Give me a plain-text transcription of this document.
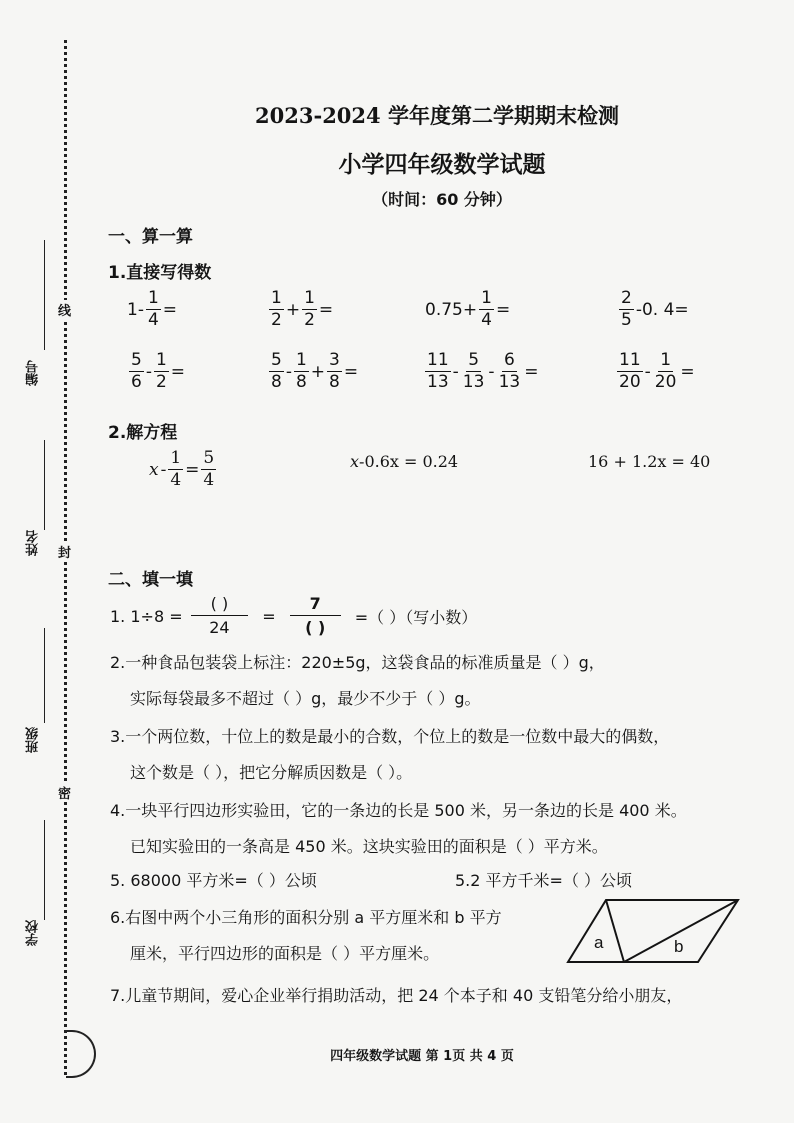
编号
姓名
班级
学校
线
封
密
2023-2024 学年度第二学期期末检测
小学四年级数学试题
（时间：60 分钟）
一、算一算
1.直接写得数
$1- \frac{1}{4}$ =	$\frac{1}{2} + \frac{1}{2}$ =	$0.75+ \frac{1}{4}$ =	$\frac{2}{5} -0$. 4=
$\frac{5}{6} - \frac{1}{2}$ =	$\frac{5}{8} - \frac{1}{8} + \frac{3}{8}$ =	$\frac{11}{13} - \frac{5}{13} - \frac{6}{13}$ =	$\frac{11}{20} - \frac{1}{20}$ =
2.解方程
$x - \frac{1}{4} = \frac{5}{4}$	x-0.6x = 0.24	16 + 1.2x = 40
二、填一填
1. $1\div 8 = \frac{( )}{24} = \frac{7}{( )}$ =（ ）（写小数）
2.一种食品包装袋上标注：220±5g，这袋食品的标准质量是（ ）g，
实际每袋最多不超过（ ）g，最少不少于（ ）g。
3.一个两位数，十位上的数是最小的合数，个位上的数是一位数中最大的偶数，
这个数是（ ），把它分解质因数是（ ）。
4.一块平行四边形实验田，它的一条边的长是 500 米，另一条边的长是 400 米。
已知实验田的一条高是 450 米。这块实验田的面积是（ ）平方米。
5. 68000 平方米=（ ）公顷	5.2 平方千米=（ ）公顷
6.右图中两个小三角形的面积分别 a 平方厘米和 b 平方
厘米，平行四边形的面积是（ ）平方厘米。
a	b
7.儿童节期间，爱心企业举行捐助活动，把 24 个本子和 40 支铅笔分给小朋友，
四年级数学试题 第 1页 共 4 页
